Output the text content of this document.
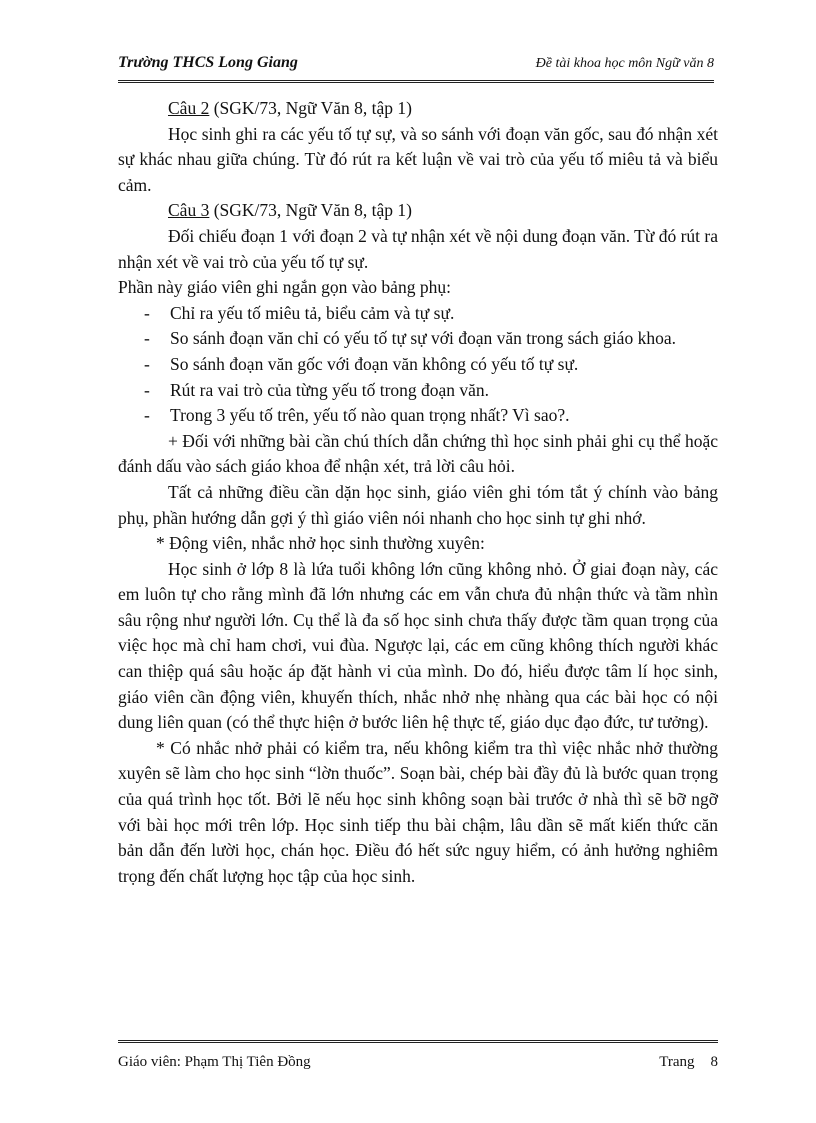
Trường THCS Long Giang	Đề tài khoa học môn Ngữ văn 8

Câu 2 (SGK/73, Ngữ Văn 8, tập 1)

Học sinh ghi ra các yếu tố tự sự, và so sánh với đoạn văn gốc, sau đó nhận xét sự khác nhau giữa chúng. Từ đó rút ra kết luận về vai trò của yếu tố miêu tả và biểu cảm.

Câu 3 (SGK/73, Ngữ Văn 8, tập 1)

Đối chiếu đoạn 1 với đoạn 2 và tự nhận xét về nội dung đoạn văn. Từ đó rút ra nhận xét về vai trò của yếu tố tự sự.

Phần này giáo viên ghi ngắn gọn vào bảng phụ:

- Chỉ ra yếu tố miêu tả, biểu cảm và tự sự.

- So sánh đoạn văn chỉ có yếu tố tự sự với đoạn văn trong sách giáo khoa.

- So sánh đoạn văn gốc với đoạn văn không có yếu tố tự sự.

- Rút ra vai trò của từng yếu tố trong đoạn văn.

- Trong 3 yếu tố trên, yếu tố nào quan trọng nhất? Vì sao?.

+ Đối với những bài cần chú thích dẫn chứng thì học sinh phải ghi cụ thể hoặc đánh dấu vào sách giáo khoa để nhận xét, trả lời câu hỏi.

Tất cả những điều cần dặn học sinh, giáo viên ghi tóm tắt ý chính vào bảng phụ, phần hướng dẫn gợi ý thì giáo viên nói nhanh cho học sinh tự ghi nhớ.

* Động viên, nhắc nhở học sinh thường xuyên:

Học sinh ở lớp 8 là lứa tuổi không lớn cũng không nhỏ. Ở giai đoạn này, các em luôn tự cho rằng mình đã lớn nhưng các em vẫn chưa đủ nhận thức và tầm nhìn sâu rộng như người lớn. Cụ thể là đa số học sinh chưa thấy được tầm quan trọng của việc học mà chỉ ham chơi, vui đùa. Ngược lại, các em cũng không thích người khác can thiệp quá sâu hoặc áp đặt hành vi của mình. Do đó, hiểu được tâm lí học sinh, giáo viên cần động viên, khuyến thích, nhắc nhở nhẹ nhàng qua các bài học có nội dung liên quan (có thể thực hiện ở bước liên hệ thực tế, giáo dục đạo đức, tư tưởng).

* Có nhắc nhở phải có kiểm tra, nếu không kiểm tra thì việc nhắc nhở thường xuyên sẽ làm cho học sinh “lờn thuốc”. Soạn bài, chép bài đầy đủ là bước quan trọng của quá trình học tốt. Bởi lẽ nếu học sinh không soạn bài trước ở nhà thì sẽ bỡ ngỡ với bài học mới trên lớp. Học sinh tiếp thu bài chậm, lâu dần sẽ mất kiến thức căn bản dẫn đến lười học, chán học. Điều đó hết sức nguy hiểm, có ảnh hưởng nghiêm trọng đến chất lượng học tập của học sinh.

Giáo viên: Phạm Thị Tiên Đồng	Trang 8
